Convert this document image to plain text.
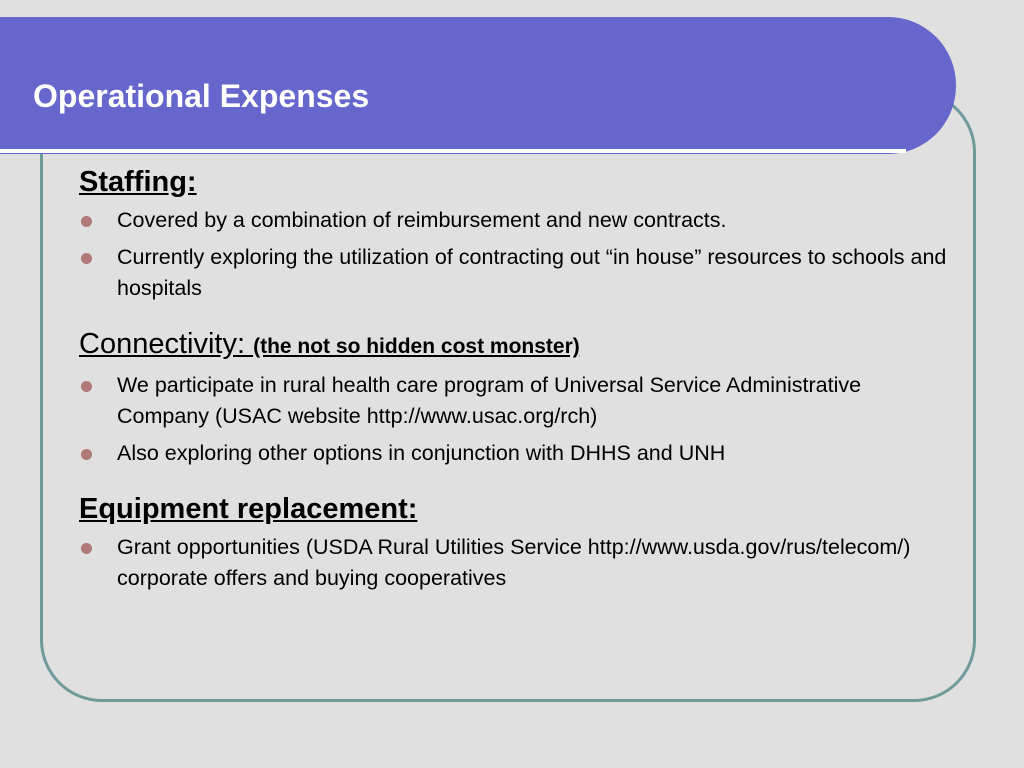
Operational Expenses
Staffing:
Covered by a combination of reimbursement and new contracts.
Currently exploring the utilization of contracting out “in house” resources to schools and hospitals
Connectivity: (the not so hidden cost monster)
We participate in rural health care program of Universal Service Administrative Company (USAC website http://www.usac.org/rch)
Also exploring other options in conjunction with DHHS and UNH
Equipment replacement:
Grant opportunities (USDA Rural Utilities Service http://www.usda.gov/rus/telecom/) corporate offers and buying cooperatives
